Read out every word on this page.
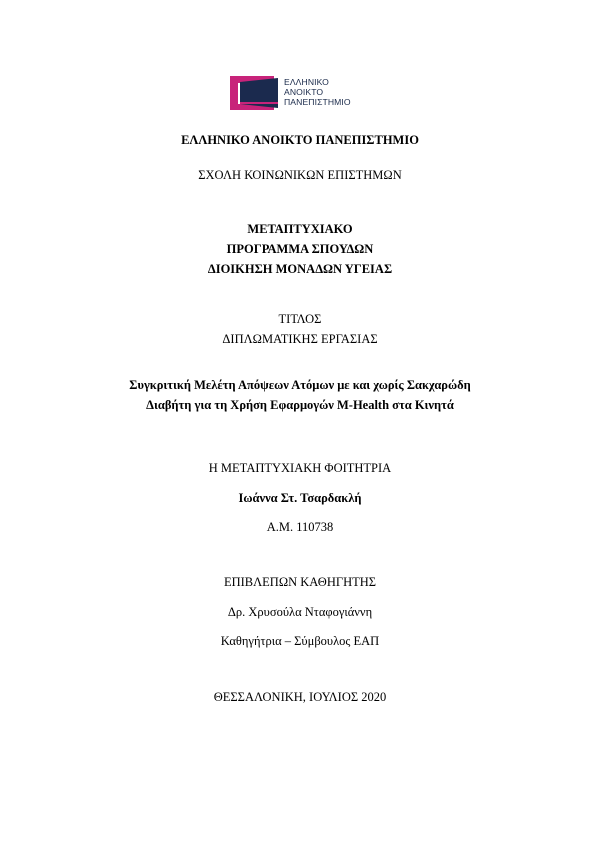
ΕΛΛΗΝΙΚΟ
ΑΝΟΙΚΤΟ
ΠΑΝΕΠΙΣΤΗΜΙΟ
ΕΛΛΗΝΙΚΟ ΑΝΟΙΚΤΟ ΠΑΝΕΠΙΣΤΗΜΙΟ
ΣΧΟΛΗ ΚΟΙΝΩΝΙΚΩΝ ΕΠΙΣΤΗΜΩΝ
ΜΕΤΑΠΤΥΧΙΑΚΟ
ΠΡΟΓΡΑΜΜΑ ΣΠΟΥΔΩΝ
ΔΙΟΙΚΗΣΗ ΜΟΝΑΔΩΝ ΥΓΕΙΑΣ
ΤΙΤΛΟΣ
ΔΙΠΛΩΜΑΤΙΚΗΣ ΕΡΓΑΣΙΑΣ
Συγκριτική Μελέτη Απόψεων Ατόμων με και χωρίς Σακχαρώδη
Διαβήτη για τη Χρήση Εφαρμογών M-Health στα Κινητά
Η ΜΕΤΑΠΤΥΧΙΑΚΗ ΦΟΙΤΗΤΡΙΑ
Ιωάννα Στ. Τσαρδακλή
Α.Μ. 110738
ΕΠΙΒΛΕΠΩΝ ΚΑΘΗΓΗΤΗΣ
Δρ. Χρυσούλα Νταφογιάννη
Καθηγήτρια – Σύμβουλος ΕΑΠ
ΘΕΣΣΑΛΟΝΙΚΗ, ΙΟΥΛΙΟΣ 2020
